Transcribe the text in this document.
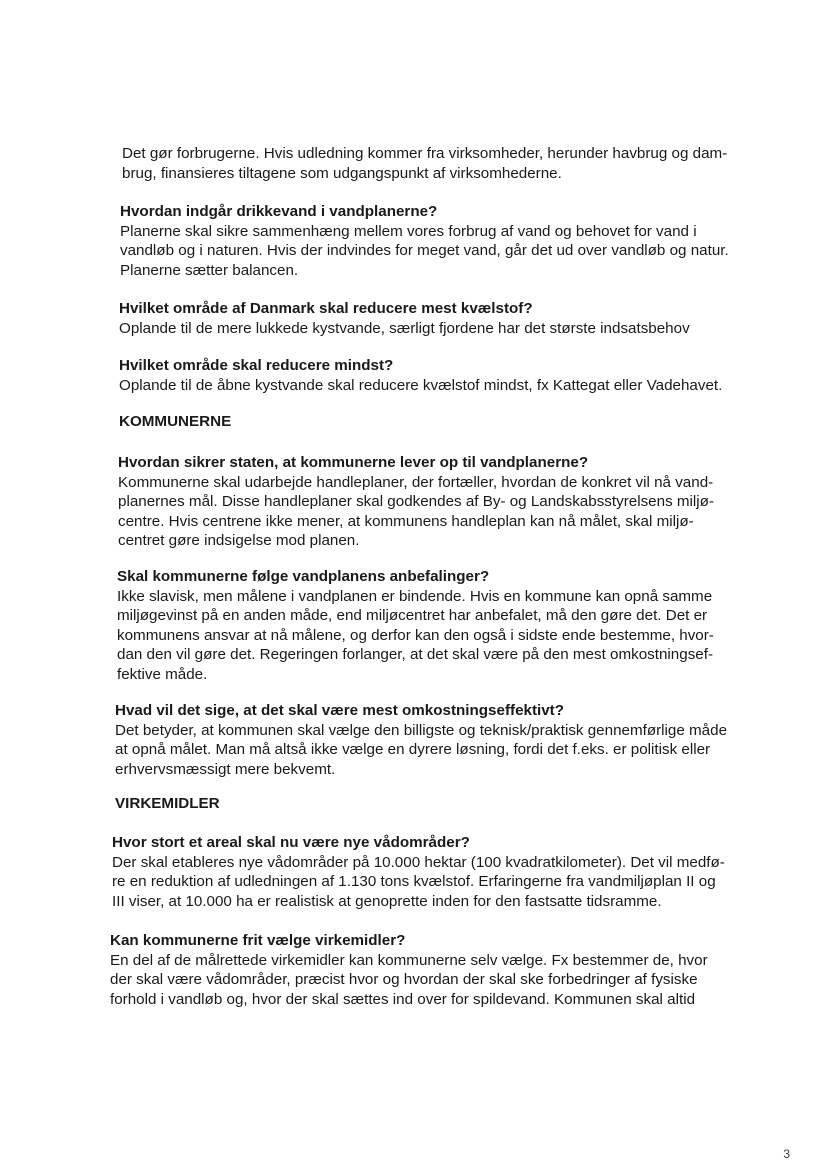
Det gør forbrugerne. Hvis udledning kommer fra virksomheder, herunder havbrug og dam-
brug, finansieres tiltagene som udgangspunkt af virksomhederne.
Hvordan indgår drikkevand i vandplanerne?
Planerne skal sikre sammenhæng mellem vores forbrug af vand og behovet for vand i
vandløb og i naturen. Hvis der indvindes for meget vand, går det ud over vandløb og natur.
Planerne sætter balancen.
Hvilket område af Danmark skal reducere mest kvælstof?
Oplande til de mere lukkede kystvande, særligt fjordene har det største indsatsbehov
Hvilket område skal reducere mindst?
Oplande til de åbne kystvande skal reducere kvælstof mindst, fx Kattegat eller Vadehavet.
KOMMUNERNE
Hvordan sikrer staten, at kommunerne lever op til vandplanerne?
Kommunerne skal udarbejde handleplaner, der fortæller, hvordan de konkret vil nå vand-
planernes mål. Disse handleplaner skal godkendes af By- og Landskabsstyrelsens miljø-
centre. Hvis centrene ikke mener, at kommunens handleplan kan nå målet, skal miljø-
centret gøre indsigelse mod planen.
Skal kommunerne følge vandplanens anbefalinger?
Ikke slavisk, men målene i vandplanen er bindende. Hvis en kommune kan opnå samme
miljøgevinst på en anden måde, end miljøcentret har anbefalet, må den gøre det. Det er
kommunens ansvar at nå målene, og derfor kan den også i sidste ende bestemme, hvor-
dan den vil gøre det. Regeringen forlanger, at det skal være på den mest omkostningsef-
fektive måde.
Hvad vil det sige, at det skal være mest omkostningseffektivt?
Det betyder, at kommunen skal vælge den billigste og teknisk/praktisk gennemførlige måde
at opnå målet. Man må altså ikke vælge en dyrere løsning, fordi det f.eks. er politisk eller
erhvervsmæssigt mere bekvemt.
VIRKEMIDLER
Hvor stort et areal skal nu være nye vådområder?
Der skal etableres nye vådområder på 10.000 hektar (100 kvadratkilometer). Det vil medfø-
re en reduktion af udledningen af 1.130 tons kvælstof. Erfaringerne fra vandmiljøplan II og
III viser, at 10.000 ha er realistisk at genoprette inden for den fastsatte tidsramme.
Kan kommunerne frit vælge virkemidler?
En del af de målrettede virkemidler kan kommunerne selv vælge. Fx bestemmer de, hvor
der skal være vådområder, præcist hvor og hvordan der skal ske forbedringer af fysiske
forhold i vandløb og, hvor der skal sættes ind over for spildevand. Kommunen skal altid
3
